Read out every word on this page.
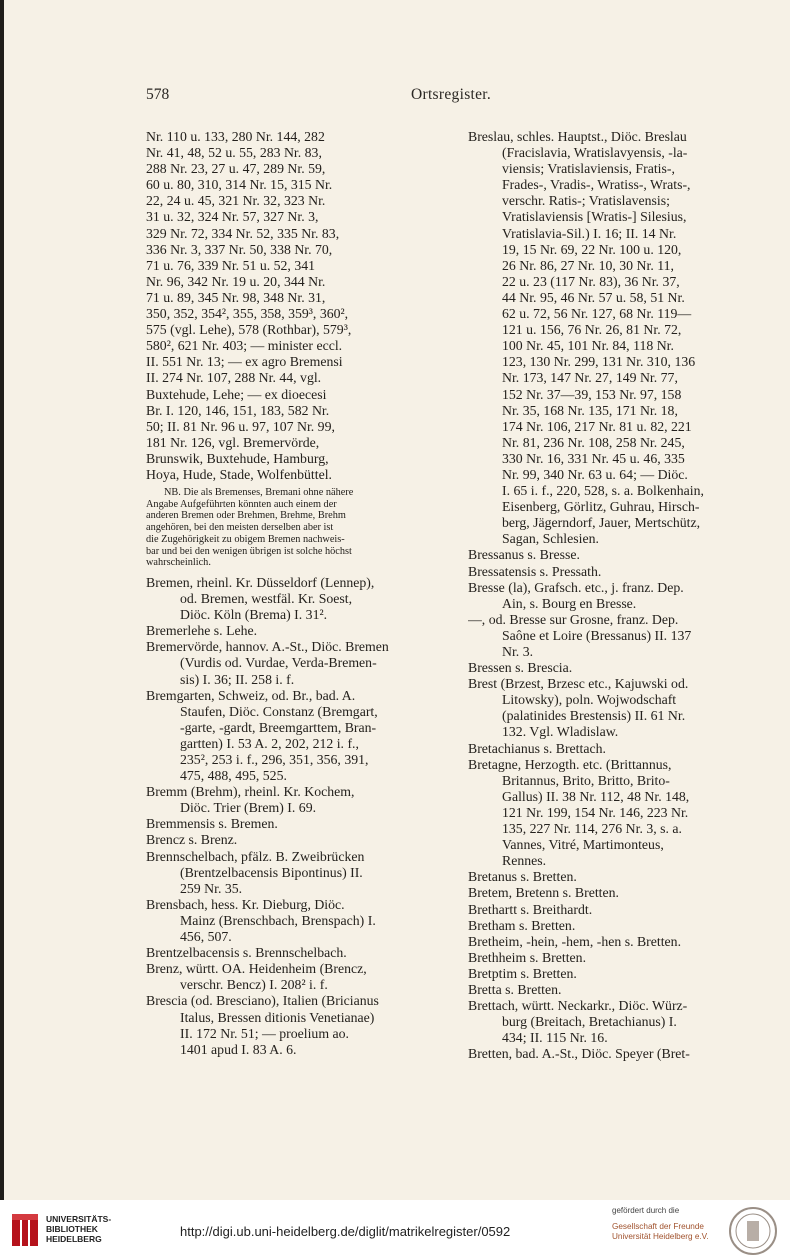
578	Ortsregister.
Nr. 110 u. 133, 280 Nr. 144, 282
Nr. 41, 48, 52 u. 55, 283 Nr. 83,
288 Nr. 23, 27 u. 47, 289 Nr. 59,
60 u. 80, 310, 314 Nr. 15, 315 Nr.
22, 24 u. 45, 321 Nr. 32, 323 Nr.
31 u. 32, 324 Nr. 57, 327 Nr. 3,
329 Nr. 72, 334 Nr. 52, 335 Nr. 83,
336 Nr. 3, 337 Nr. 50, 338 Nr. 70,
71 u. 76, 339 Nr. 51 u. 52, 341
Nr. 96, 342 Nr. 19 u. 20, 344 Nr.
71 u. 89, 345 Nr. 98, 348 Nr. 31,
350, 352, 354², 355, 358, 359³, 360²,
575 (vgl. Lehe), 578 (Rothbar), 579³,
580², 621 Nr. 403; — minister eccl.
II. 551 Nr. 13; — ex agro Bremensi
II. 274 Nr. 107, 288 Nr. 44, vgl.
Buxtehude, Lehe; — ex dioecesi
Br. I. 120, 146, 151, 183, 582 Nr.
50; II. 81 Nr. 96 u. 97, 107 Nr. 99,
181 Nr. 126, vgl. Bremervörde,
Brunswik, Buxtehude, Hamburg,
Hoya, Hude, Stade, Wolfenbüttel.
NB. Die als Bremenses, Bremani ohne nähere
Angabe Aufgeführten könnten auch einem der
anderen Bremen oder Brehmen, Brehme, Brehm
angehören, bei den meisten derselben aber ist
die Zugehörigkeit zu obigem Bremen nachweis-
bar und bei den wenigen übrigen ist solche höchst
wahrscheinlich.
Bremen, rheinl. Kr. Düsseldorf (Lennep),
od. Bremen, westfäl. Kr. Soest,
Diöc. Köln (Brema) I. 31².
Bremerlehe s. Lehe.
Bremervörde, hannov. A.-St., Diöc. Bremen
(Vurdis od. Vurdae, Verda-Bremen-
sis) I. 36; II. 258 i. f.
Bremgarten, Schweiz, od. Br., bad. A.
Staufen, Diöc. Constanz (Bremgart,
-garte, -gardt, Breemgarttem, Bran-
gartten) I. 53 A. 2, 202, 212 i. f.,
235², 253 i. f., 296, 351, 356, 391,
475, 488, 495, 525.
Bremm (Brehm), rheinl. Kr. Kochem,
Diöc. Trier (Brem) I. 69.
Bremmensis s. Bremen.
Brencz s. Brenz.
Brennschelbach, pfälz. B. Zweibrücken
(Brentzelbacensis Bipontinus) II.
259 Nr. 35.
Brensbach, hess. Kr. Dieburg, Diöc.
Mainz (Brenschbach, Brenspach) I.
456, 507.
Brentzelbacensis s. Brennschelbach.
Brenz, württ. OA. Heidenheim (Brencz,
verschr. Bencz) I. 208² i. f.
Brescia (od. Bresciano), Italien (Bricianus
Italus, Bressen ditionis Venetianae)
II. 172 Nr. 51; — proelium ao.
1401 apud I. 83 A. 6.
Breslau, schles. Hauptst., Diöc. Breslau
(Fracislavia, Wratislavyensis, -la-
viensis; Vratislaviensis, Fratis-,
Frades-, Vradis-, Wratiss-, Wrats-,
verschr. Ratis-; Vratislavensis;
Vratislaviensis [Wratis-] Silesius,
Vratislavia-Sil.) I. 16; II. 14 Nr.
19, 15 Nr. 69, 22 Nr. 100 u. 120,
26 Nr. 86, 27 Nr. 10, 30 Nr. 11,
22 u. 23 (117 Nr. 83), 36 Nr. 37,
44 Nr. 95, 46 Nr. 57 u. 58, 51 Nr.
62 u. 72, 56 Nr. 127, 68 Nr. 119—
121 u. 156, 76 Nr. 26, 81 Nr. 72,
100 Nr. 45, 101 Nr. 84, 118 Nr.
123, 130 Nr. 299, 131 Nr. 310, 136
Nr. 173, 147 Nr. 27, 149 Nr. 77,
152 Nr. 37—39, 153 Nr. 97, 158
Nr. 35, 168 Nr. 135, 171 Nr. 18,
174 Nr. 106, 217 Nr. 81 u. 82, 221
Nr. 81, 236 Nr. 108, 258 Nr. 245,
330 Nr. 16, 331 Nr. 45 u. 46, 335
Nr. 99, 340 Nr. 63 u. 64; — Diöc.
I. 65 i. f., 220, 528, s. a. Bolkenhain,
Eisenberg, Görlitz, Guhrau, Hirsch-
berg, Jägerndorf, Jauer, Mertschütz,
Sagan, Schlesien.
Bressanus s. Bresse.
Bressatensis s. Pressath.
Bresse (la), Grafsch. etc., j. franz. Dep.
Ain, s. Bourg en Bresse.
—, od. Bresse sur Grosne, franz. Dep.
Saône et Loire (Bressanus) II. 137
Nr. 3.
Bressen s. Brescia.
Brest (Brzest, Brzesc etc., Kajuwski od.
Litowsky), poln. Wojwodschaft
(palatinides Brestensis) II. 61 Nr.
132. Vgl. Wladislaw.
Bretachianus s. Brettach.
Bretagne, Herzogth. etc. (Brittannus,
Britannus, Brito, Britto, Brito-
Gallus) II. 38 Nr. 112, 48 Nr. 148,
121 Nr. 199, 154 Nr. 146, 223 Nr.
135, 227 Nr. 114, 276 Nr. 3, s. a.
Vannes, Vitré, Martimonteus,
Rennes.
Bretanus s. Bretten.
Bretem, Bretenn s. Bretten.
Brethartt s. Breithardt.
Bretham s. Bretten.
Bretheim, -hein, -hem, -hen s. Bretten.
Brethheim s. Bretten.
Bretptim s. Bretten.
Bretta s. Bretten.
Brettach, württ. Neckarkr., Diöc. Würz-
burg (Breitach, Bretachianus) I.
434; II. 115 Nr. 16.
Bretten, bad. A.-St., Diöc. Speyer (Bret-
UNIVERSITÄTS-
BIBLIOTHEK
HEIDELBERG	http://digi.ub.uni-heidelberg.de/diglit/matrikelregister/0592
gefördert durch die
Gesellschaft der Freunde
Universität Heidelberg e.V.
